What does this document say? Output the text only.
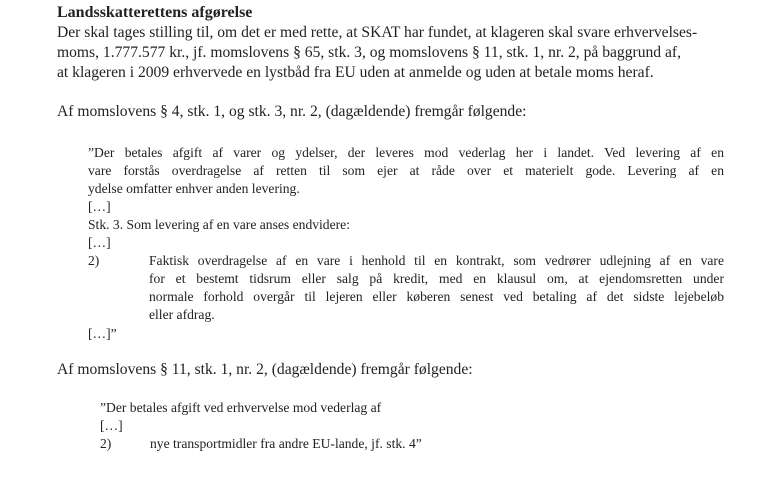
Landsskatterettens afgørelse
Der skal tages stilling til, om det er med rette, at SKAT har fundet, at klageren skal svare erhvervelses-
moms, 1.777.577 kr., jf. momslovens § 65, stk. 3, og momslovens § 11, stk. 1, nr. 2, på baggrund af,
at klageren i 2009 erhvervede en lystbåd fra EU uden at anmelde og uden at betale moms heraf.
Af momslovens § 4, stk. 1, og stk. 3, nr. 2, (dagældende) fremgår følgende:
”Der betales afgift af varer og ydelser, der leveres mod vederlag her i landet. Ved levering af en
vare forstås overdragelse af retten til som ejer at råde over et materielt gode. Levering af en
ydelse omfatter enhver anden levering.
[…]
Stk. 3. Som levering af en vare anses endvidere:
[…]
2)	Faktisk overdragelse af en vare i henhold til en kontrakt, som vedrører udlejning af en vare
for et bestemt tidsrum eller salg på kredit, med en klausul om, at ejendomsretten under
normale forhold overgår til lejeren eller køberen senest ved betaling af det sidste lejebeløb
eller afdrag.
[…]”
Af momslovens § 11, stk. 1, nr. 2, (dagældende) fremgår følgende:
”Der betales afgift ved erhvervelse mod vederlag af
[…]
2)	nye transportmidler fra andre EU-lande, jf. stk. 4”
